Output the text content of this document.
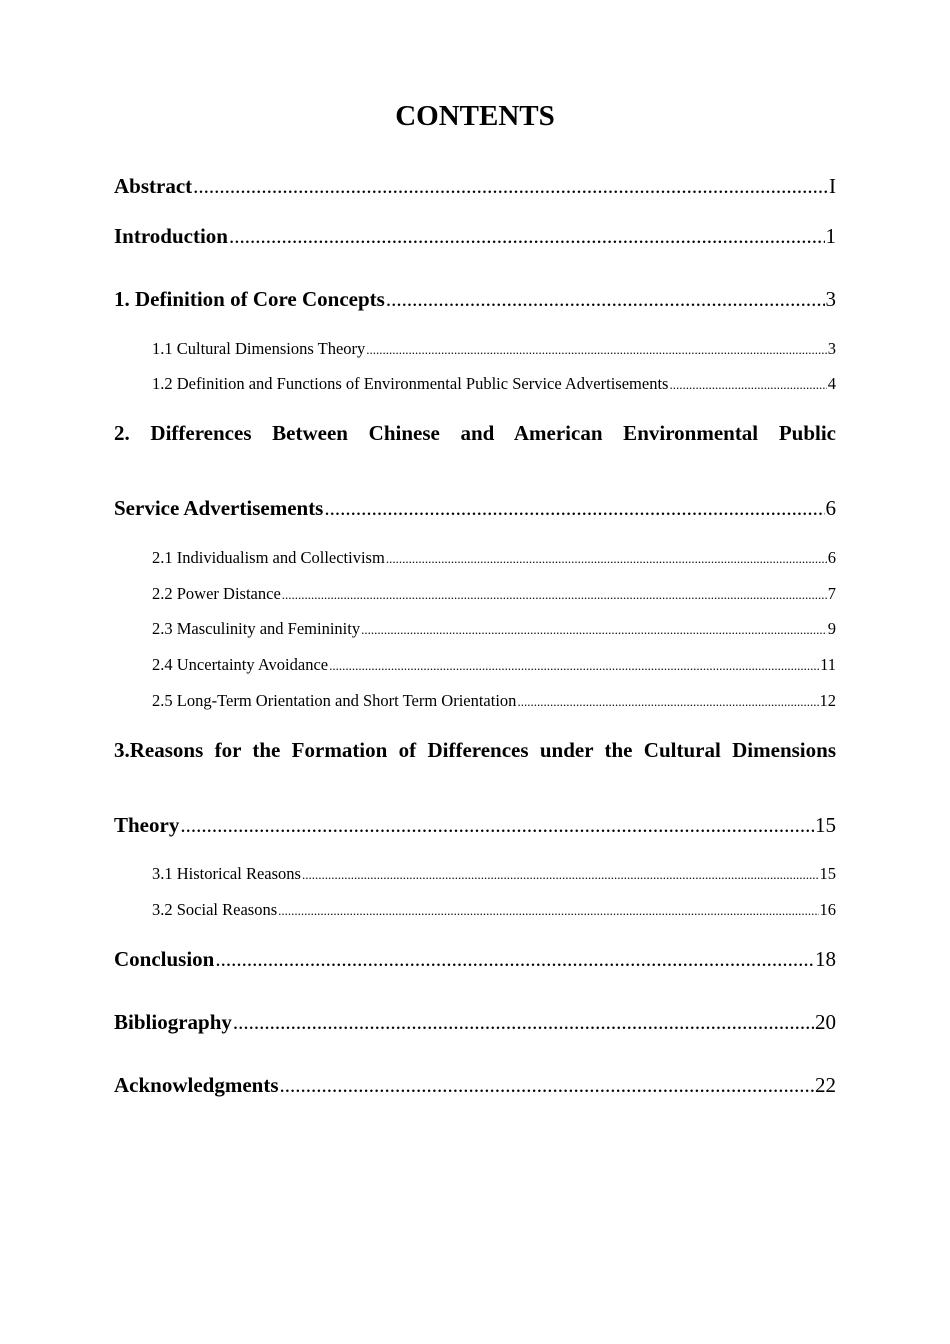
CONTENTS
Abstract .....	I
Introduction .....	1
1. Definition of Core Concepts .....	3
1.1 Cultural Dimensions Theory .....	3
1.2 Definition and Functions of Environmental Public Service Advertisements .....	4
2. Differences Between Chinese and American Environmental Public
Service Advertisements .....	6
2.1 Individualism and Collectivism .....	6
2.2 Power Distance .....	7
2.3 Masculinity and Femininity .....	9
2.4 Uncertainty Avoidance .....	11
2.5 Long-Term Orientation and Short Term Orientation .....	12
3.Reasons for the Formation of Differences under the Cultural Dimensions
Theory .....	15
3.1 Historical Reasons .....	15
3.2 Social Reasons .....	16
Conclusion .....	18
Bibliography .....	20
Acknowledgments .....	22
